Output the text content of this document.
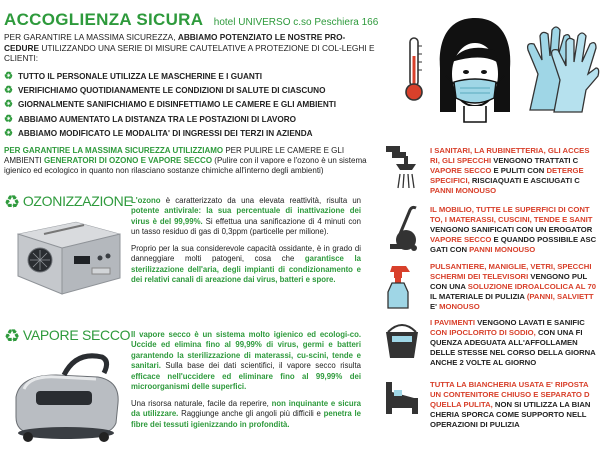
ACCOGLIENZA SICURA hotel UNIVERSO c.so Peschiera 166
PER GARANTIRE LA MASSIMA SICUREZZA, ABBIAMO POTENZIATO LE NOSTRE PRO-CEDURE UTILIZZANDO UNA SERIE DI MISURE CAUTELATIVE A PROTEZIONE DI COL-LEGHI E CLIENTI:
♻ TUTTO IL PERSONALE UTILIZZA LE MASCHERINE E I GUANTI
♻ VERIFICHIAMO QUOTIDIANAMENTE LE CONDIZIONI DI SALUTE DI CIASCUNO
♻ GIORNALMENTE SANIFICHIAMO E DISINFETTIAMO LE CAMERE E GLI AMBIENTI
♻ ABBIAMO AUMENTATO LA DISTANZA TRA LE POSTAZIONI DI LAVORO
♻ ABBIAMO MODIFICATO LE MODALITA' DI INGRESSI DEI TERZI IN AZIENDA
PER GARANTIRE LA MASSIMA SICUREZZA UTILIZZIAMO PER PULIRE LE CAMERE E GLI AMBIENTI GENERATORI DI OZONO E VAPORE SECCO (Pulire con il vapore e l'ozono è un sistema igienico ed ecologico in quanto non rilasciano sostanze chimiche all'interno degli ambienti)
♻ OZONIZZAZIONE

L'ozono è caratterizzato da una elevata reattività, risulta un potente antivirale: la sua percentuale di inattivazione dei virus è del 99,99%. Si effettua una sanificazione di 4 minuti con un tasso residuo di gas di 0,3ppm (particelle per milione).

Proprio per la sua considerevole capacità ossidante, è in grado di danneggiare molti patogeni, cosa che garantisce la sterilizzazione dell'aria, degli impianti di condizionamento e dei relativi canali di areazione dai virus, batteri e spore.

♻ VAPORE SECCO Il vapore secco è un sistema molto igienico ed ecologi-co. Uccide ed elimina fino al 99,99% di virus, germi e batteri garantendo la sterilizzazione di materassi, cu-scini, tende e sanitari. Sulla base dei dati scientifici, il vapore secco risulta efficace nell'uccidere ed eliminare fino al 99,99% dei microorganismi delle superfici.

Una risorsa naturale, facile da reperire, non inquinante e sicura da utilizzare. Raggiunge anche gli angoli più difficili e penetra le fibre dei tessuti igienizzando in profondità.

I SANITARI, LA RUBINETTERIA, GLI ACCES
RI, GLI SPECCHI VENGONO TRATTATI C
VAPORE SECCO E PULITI CON DETERGE
SPECIFICI, RISCIAQUATI E ASCIUGATI C
PANNI MONOUSO
IL MOBILIO, TUTTE LE SUPERFICI DI CONT
TO, I MATERASSI, CUSCINI, TENDE E SANIT
VENGONO SANIFICATI CON UN EROGATOR
VAPORE SECCO E QUANDO POSSIBILE ASC
GATI CON PANNI MONOUSO
PULSANTIERE, MANIGLIE, VETRI, SPECCHI
SCHERMI DEI TELEVISORI VENGONO PUL
CON UNA SOLUZIONE IDROALCOLICA AL 70
IL MATERIALE DI PULIZIA (PANNI, SALVIETT
E' MONOUSO
I PAVIMENTI VENGONO LAVATI E SANIFIC
CON IPOCLORITO DI SODIO, CON UNA FI
QUENZA ADEGUATA ALL'AFFOLLAMEN
DELLE STESSE NEL CORSO DELLA GIORNA
ANCHE 2 VOLTE AL GIORNO
TUTTA LA BIANCHERIA USATA E' RIPOSTA
UN CONTENITORE CHIUSO E SEPARATO D
QUELLA PULITA, NON SI UTILIZZA LA BIAN
CHERIA SPORCA COME SUPPORTO NELL
OPERAZIONI DI PULIZIA
